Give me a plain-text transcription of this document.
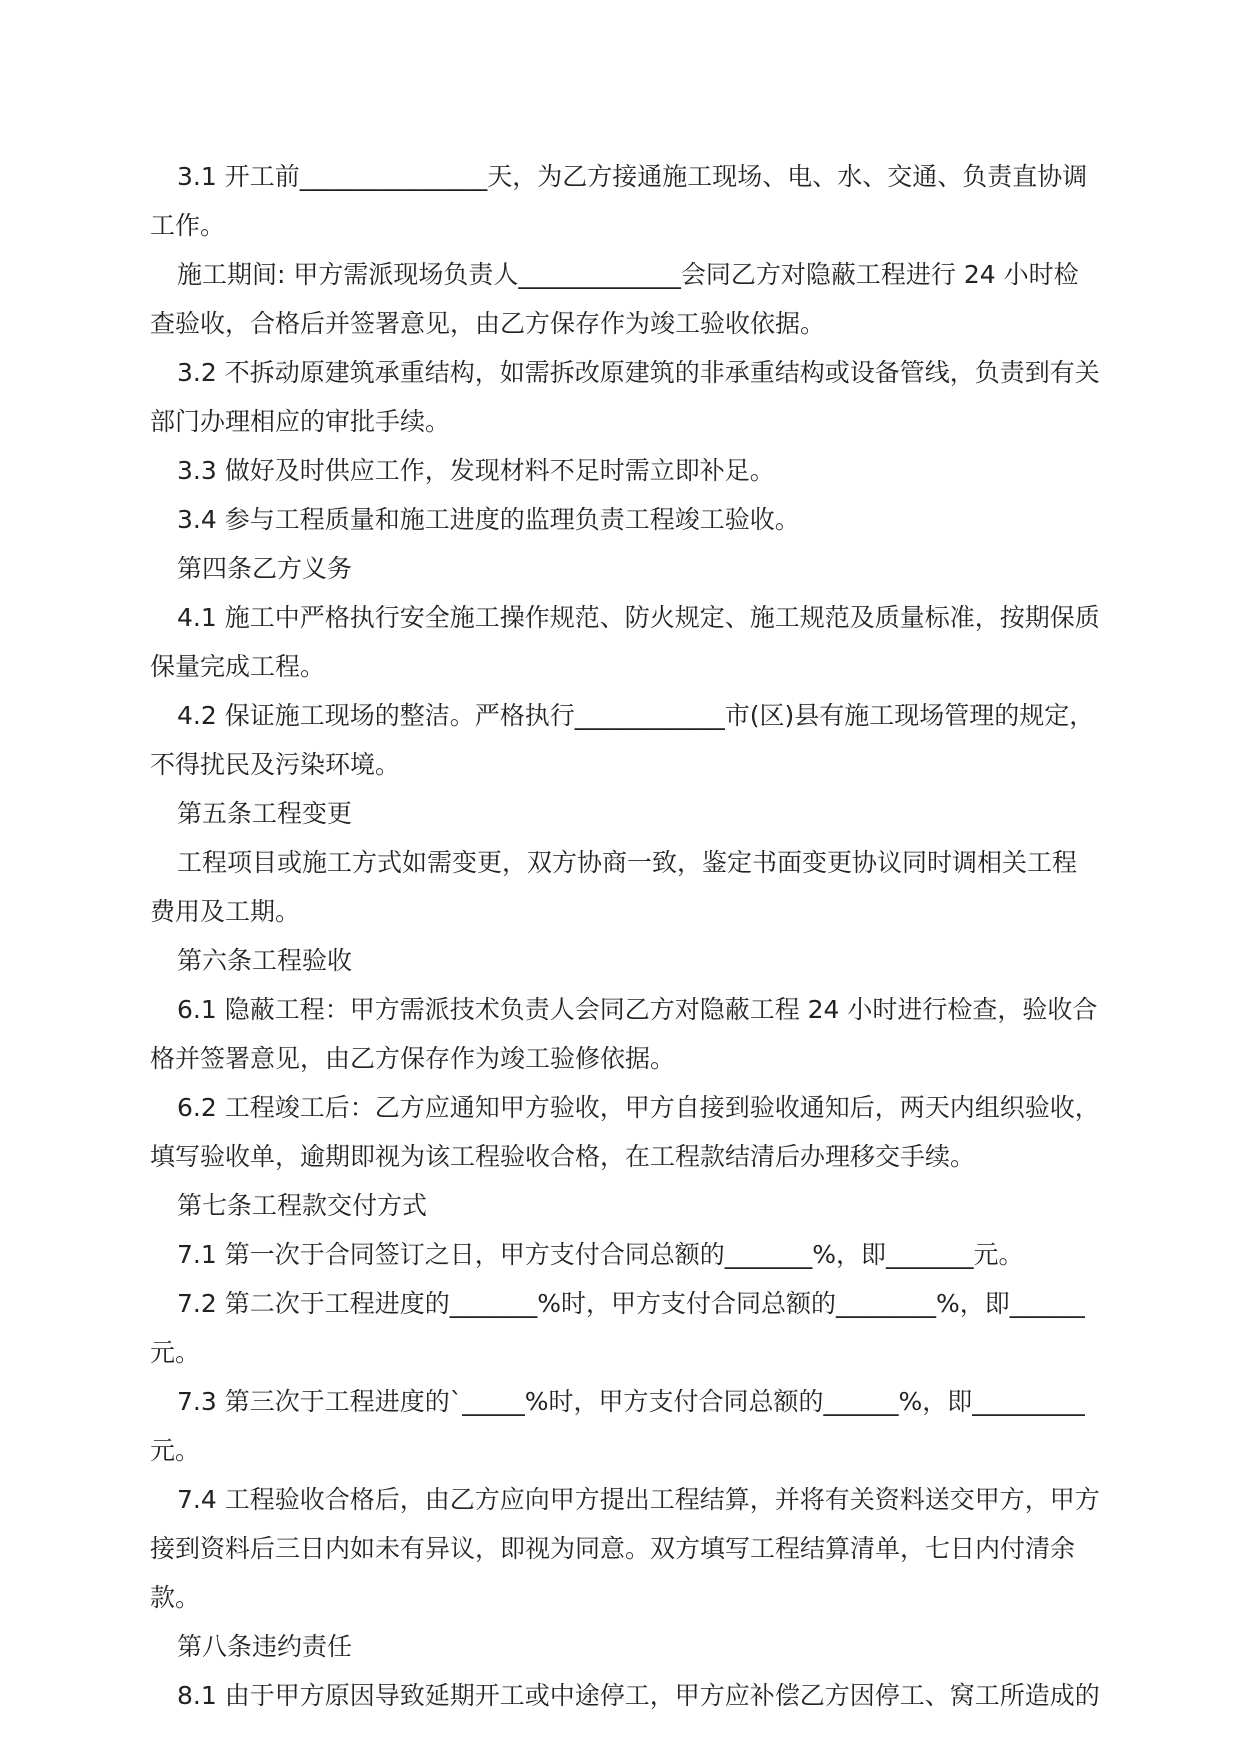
3.1 开工前_______________天，为乙方接通施工现场、电、水、交通、负责直协调工作。

施工期间: 甲方需派现场负责人_____________会同乙方对隐蔽工程进行 24 小时检查验收，合格后并签署意见，由乙方保存作为竣工验收依据。

3.2 不拆动原建筑承重结构，如需拆改原建筑的非承重结构或设备管线，负责到有关部门办理相应的审批手续。

3.3 做好及时供应工作，发现材料不足时需立即补足。

3.4 参与工程质量和施工进度的监理负责工程竣工验收。

第四条乙方义务

4.1 施工中严格执行安全施工操作规范、防火规定、施工规范及质量标准，按期保质保量完成工程。

4.2 保证施工现场的整洁。严格执行____________市(区)县有施工现场管理的规定，不得扰民及污染环境。

第五条工程变更

工程项目或施工方式如需变更，双方协商一致，鉴定书面变更协议同时调相关工程费用及工期。

第六条工程验收

6.1 隐蔽工程：甲方需派技术负责人会同乙方对隐蔽工程 24 小时进行检查，验收合格并签署意见，由乙方保存作为竣工验修依据。

6.2 工程竣工后：乙方应通知甲方验收，甲方自接到验收通知后，两天内组织验收，填写验收单，逾期即视为该工程验收合格，在工程款结清后办理移交手续。

第七条工程款交付方式

7.1 第一次于合同签订之日，甲方支付合同总额的_______%，即_______元。

7.2 第二次于工程进度的_______%时，甲方支付合同总额的________%，即______元。

7.3 第三次于工程进度的`_____%时，甲方支付合同总额的______%，即_________元。

7.4 工程验收合格后，由乙方应向甲方提出工程结算，并将有关资料送交甲方，甲方接到资料后三日内如未有异议，即视为同意。双方填写工程结算清单，七日内付清余款。

第八条违约责任

8.1 由于甲方原因导致延期开工或中途停工，甲方应补偿乙方因停工、窝工所造成的
